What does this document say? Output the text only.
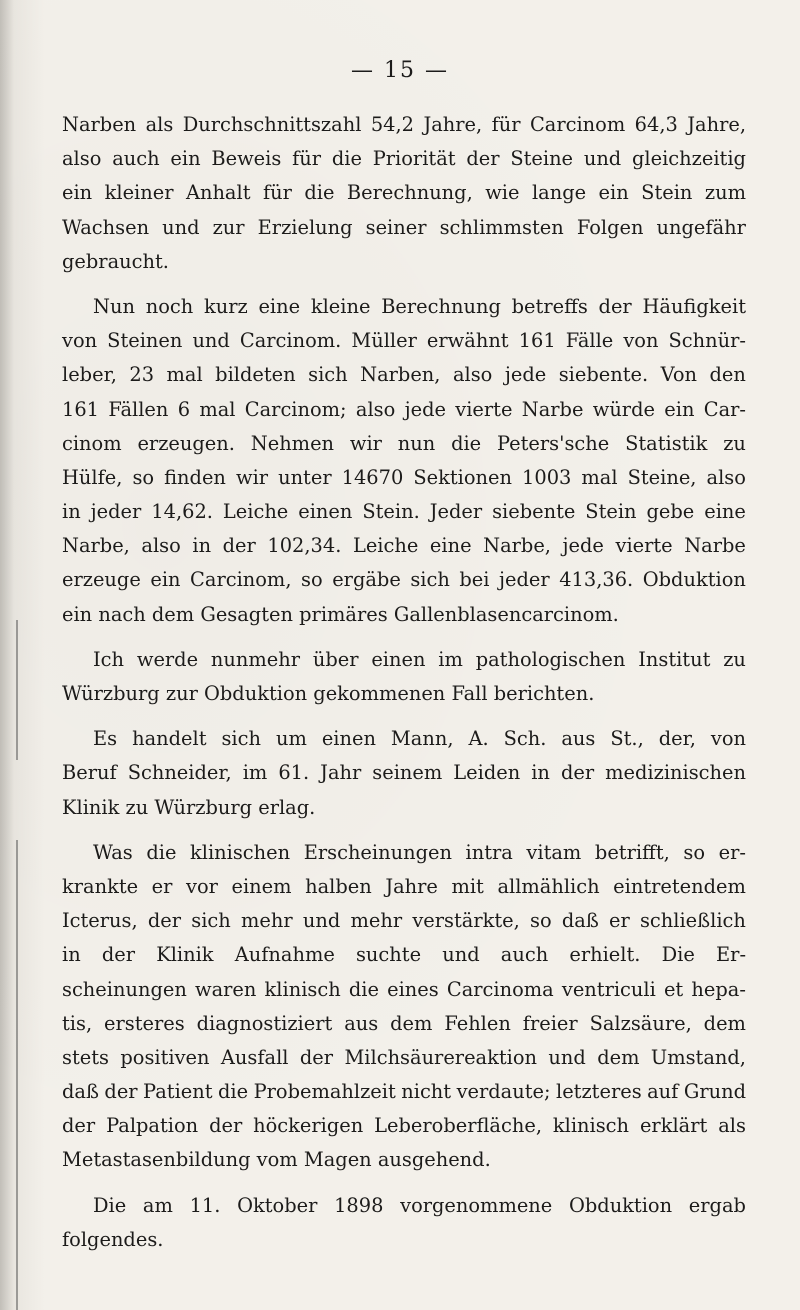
— 15 —
Narben als Durchschnittszahl 54,2 Jahre, für Carcinom 64,3 Jahre,
also auch ein Beweis für die Priorität der Steine und gleichzeitig
ein kleiner Anhalt für die Berechnung, wie lange ein Stein zum
Wachsen und zur Erzielung seiner schlimmsten Folgen ungefähr
gebraucht.
Nun noch kurz eine kleine Berechnung betreffs der Häufigkeit
von Steinen und Carcinom. Müller erwähnt 161 Fälle von Schnür-
leber, 23 mal bildeten sich Narben, also jede siebente. Von den
161 Fällen 6 mal Carcinom; also jede vierte Narbe würde ein Car-
cinom erzeugen. Nehmen wir nun die Peters'sche Statistik zu
Hülfe, so finden wir unter 14670 Sektionen 1003 mal Steine, also
in jeder 14,62. Leiche einen Stein. Jeder siebente Stein gebe eine
Narbe, also in der 102,34. Leiche eine Narbe, jede vierte Narbe
erzeuge ein Carcinom, so ergäbe sich bei jeder 413,36. Obduktion
ein nach dem Gesagten primäres Gallenblasencarcinom.
Ich werde nunmehr über einen im pathologischen Institut zu
Würzburg zur Obduktion gekommenen Fall berichten.
Es handelt sich um einen Mann, A. Sch. aus St., der, von
Beruf Schneider, im 61. Jahr seinem Leiden in der medizinischen
Klinik zu Würzburg erlag.
Was die klinischen Erscheinungen intra vitam betrifft, so er-
krankte er vor einem halben Jahre mit allmählich eintretendem
Icterus, der sich mehr und mehr verstärkte, so daß er schließlich
in der Klinik Aufnahme suchte und auch erhielt. Die Er-
scheinungen waren klinisch die eines Carcinoma ventriculi et hepa-
tis, ersteres diagnostiziert aus dem Fehlen freier Salzsäure, dem
stets positiven Ausfall der Milchsäurereaktion und dem Umstand,
daß der Patient die Probemahlzeit nicht verdaute; letzteres auf Grund
der Palpation der höckerigen Leberoberfläche, klinisch erklärt als
Metastasenbildung vom Magen ausgehend.
Die am 11. Oktober 1898 vorgenommene Obduktion ergab
folgendes.
